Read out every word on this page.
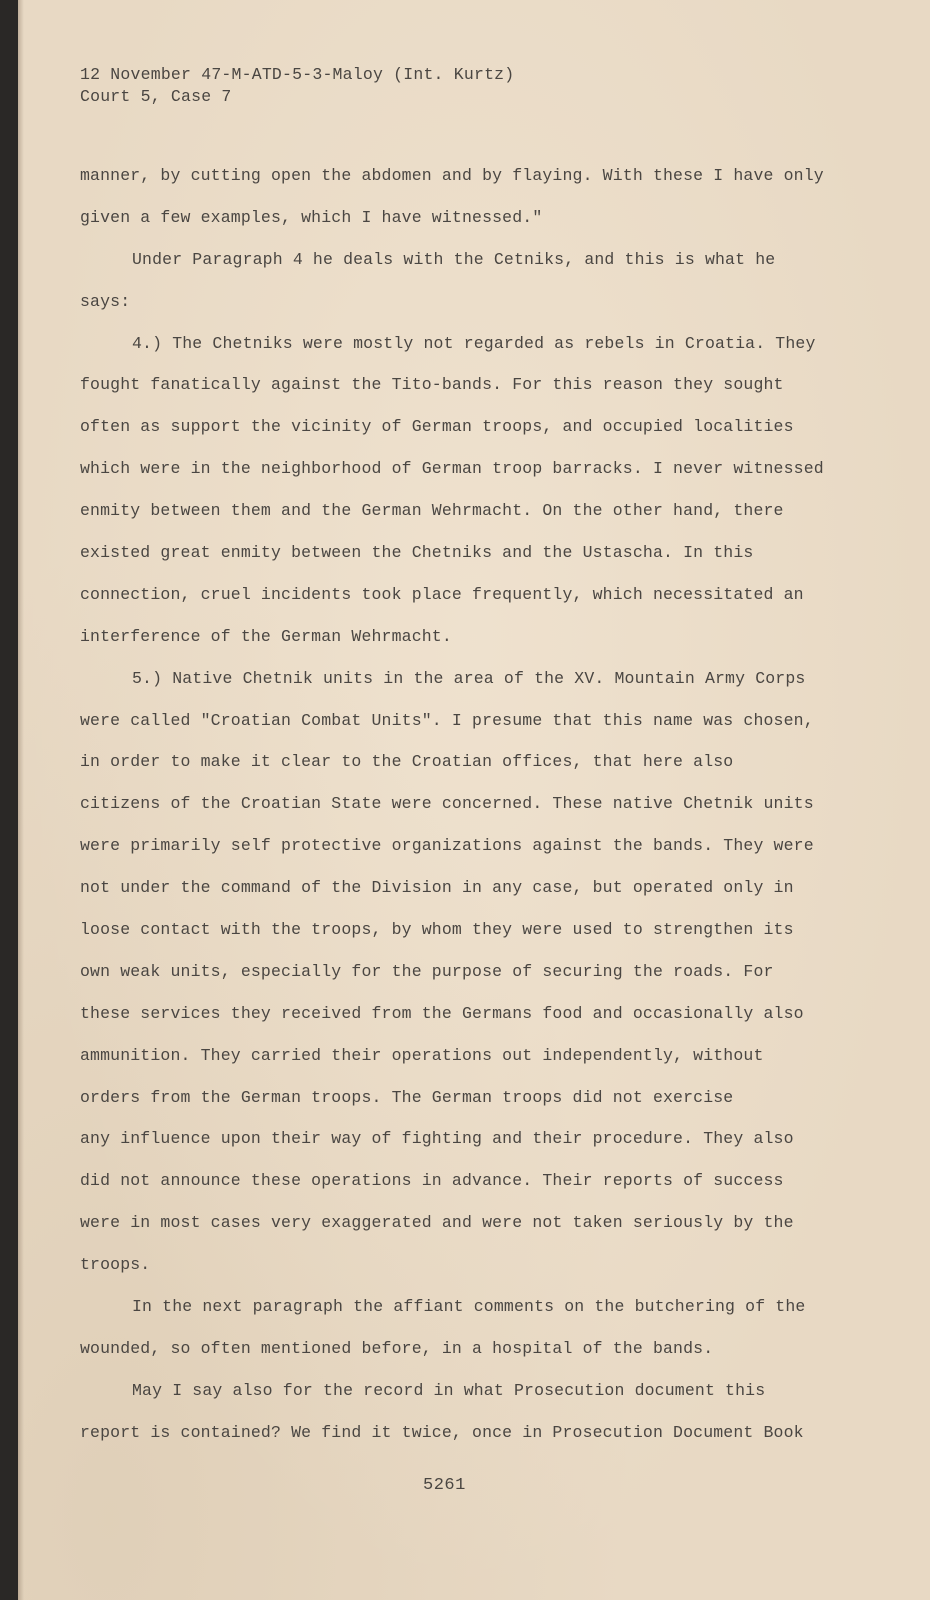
12 November 47-M-ATD-5-3-Maloy (Int. Kurtz)
Court 5, Case 7
manner, by cutting open the abdomen and by flaying. With these I have only
given a few examples, which I have witnessed."
Under Paragraph 4 he deals with the Cetniks, and this is what he
says:
4.) The Chetniks were mostly not regarded as rebels in Croatia. They
fought fanatically against the Tito-bands. For this reason they sought
often as support the vicinity of German troops, and occupied localities
which were in the neighborhood of German troop barracks. I never witnessed
enmity between them and the German Wehrmacht. On the other hand, there
existed great enmity between the Chetniks and the Ustascha. In this
connection, cruel incidents took place frequently, which necessitated an
interference of the German Wehrmacht.
5.) Native Chetnik units in the area of the XV. Mountain Army Corps
were called "Croatian Combat Units". I presume that this name was chosen,
in order to make it clear to the Croatian offices, that here also
citizens of the Croatian State were concerned. These native Chetnik units
were primarily self protective organizations against the bands. They were
not under the command of the Division in any case, but operated only in
loose contact with the troops, by whom they were used to strengthen its
own weak units, especially for the purpose of securing the roads. For
these services they received from the Germans food and occasionally also
ammunition. They carried their operations out independently, without
orders from the German troops. The German troops did not exercise
any influence upon their way of fighting and their procedure. They also
did not announce these operations in advance. Their reports of success
were in most cases very exaggerated and were not taken seriously by the
troops.
In the next paragraph the affiant comments on the butchering of the
wounded, so often mentioned before, in a hospital of the bands.
May I say also for the record in what Prosecution document this
report is contained? We find it twice, once in Prosecution Document Book
5261
